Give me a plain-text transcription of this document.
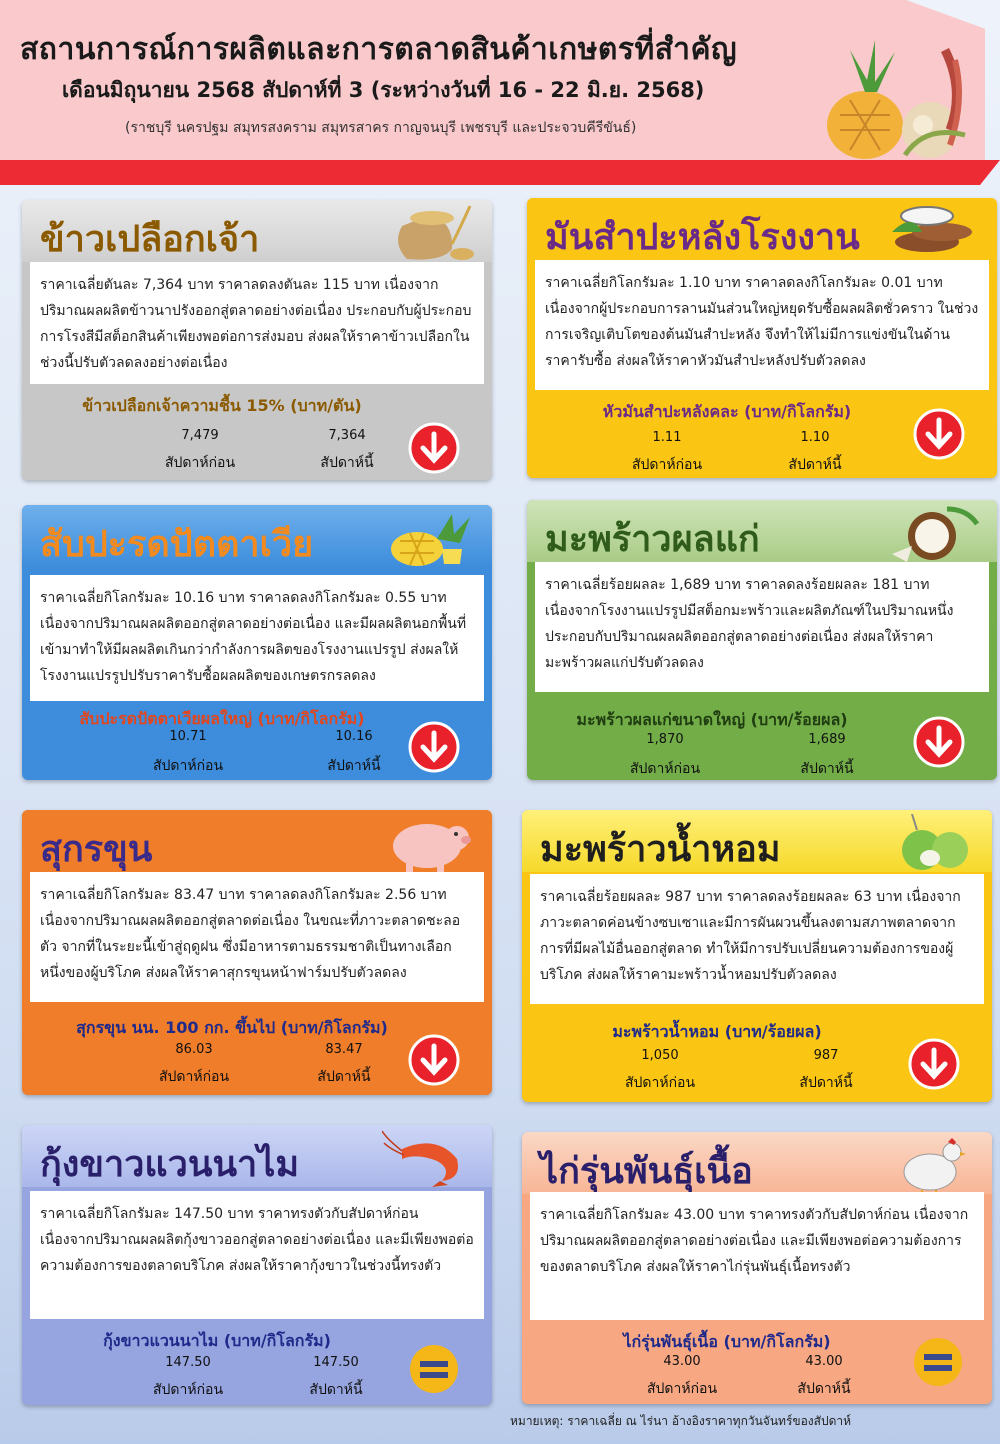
สถานการณ์การผลิตและการตลาดสินค้าเกษตรที่สำคัญ
เดือนมิถุนายน 2568 สัปดาห์ที่ 3 (ระหว่างวันที่ 16 - 22 มิ.ย. 2568)
(ราชบุรี นครปฐม สมุทรสงคราม สมุทรสาคร กาญจนบุรี เพชรบุรี และประจวบคีรีขันธ์)
ข้าวเปลือกเจ้า
ราคาเฉลี่ยตันละ 7,364 บาท ราคาลดลงตันละ 115 บาท เนื่องจากปริมาณผลผลิตข้าวนาปรังออกสู่ตลาดอย่างต่อเนื่อง ประกอบกับผู้ประกอบการโรงสีมีสต็อกสินค้าเพียงพอต่อการส่งมอบ ส่งผลให้ราคาข้าวเปลือกในช่วงนี้ปรับตัวลดลงอย่างต่อเนื่อง
ข้าวเปลือกเจ้าความชื้น 15% (บาท/ตัน)
7,479	7,364
สัปดาห์ก่อน	สัปดาห์นี้
มันสำปะหลังโรงงาน
ราคาเฉลี่ยกิโลกรัมละ 1.10 บาท ราคาลดลงกิโลกรัมละ 0.01 บาท เนื่องจากผู้ประกอบการลานมันส่วนใหญ่หยุดรับซื้อผลผลิตชั่วคราว ในช่วงการเจริญเติบโตของต้นมันสำปะหลัง จึงทำให้ไม่มีการแข่งขันในด้านราคารับซื้อ ส่งผลให้ราคาหัวมันสำปะหลังปรับตัวลดลง
หัวมันสำปะหลังคละ (บาท/กิโลกรัม)
1.11	1.10
สัปดาห์ก่อน	สัปดาห์นี้
สับปะรดปัตตาเวีย
ราคาเฉลี่ยกิโลกรัมละ 10.16 บาท ราคาลดลงกิโลกรัมละ 0.55 บาท เนื่องจากปริมาณผลผลิตออกสู่ตลาดอย่างต่อเนื่อง และมีผลผลิตนอกพื้นที่เข้ามาทำให้มีผลผลิตเกินกว่ากำลังการผลิตของโรงงานแปรรูป ส่งผลให้โรงงานแปรรูปปรับราคารับซื้อผลผลิตของเกษตรกรลดลง
สับปะรดปัตตาเวียผลใหญ่ (บาท/กิโลกรัม)
10.71	10.16
สัปดาห์ก่อน	สัปดาห์นี้
มะพร้าวผลแก่
ราคาเฉลี่ยร้อยผลละ 1,689 บาท ราคาลดลงร้อยผลละ 181 บาท เนื่องจากโรงงานแปรรูปมีสต็อกมะพร้าวและผลิตภัณฑ์ในปริมาณหนึ่ง ประกอบกับปริมาณผลผลิตออกสู่ตลาดอย่างต่อเนื่อง ส่งผลให้ราคามะพร้าวผลแก่ปรับตัวลดลง
มะพร้าวผลแก่ขนาดใหญ่ (บาท/ร้อยผล)
1,870	1,689
สัปดาห์ก่อน	สัปดาห์นี้
สุกรขุน
ราคาเฉลี่ยกิโลกรัมละ 83.47 บาท ราคาลดลงกิโลกรัมละ 2.56 บาท เนื่องจากปริมาณผลผลิตออกสู่ตลาดต่อเนื่อง ในขณะที่ภาวะตลาดชะลอตัว จากที่ในระยะนี้เข้าสู่ฤดูฝน ซึ่งมีอาหารตามธรรมชาติเป็นทางเลือกหนึ่งของผู้บริโภค ส่งผลให้ราคาสุกรขุนหน้าฟาร์มปรับตัวลดลง
สุกรขุน นน. 100 กก. ขึ้นไป (บาท/กิโลกรัม)
86.03	83.47
สัปดาห์ก่อน	สัปดาห์นี้
มะพร้าวน้ำหอม
ราคาเฉลี่ยร้อยผลละ 987 บาท ราคาลดลงร้อยผลละ 63 บาท เนื่องจากภาวะตลาดค่อนข้างซบเซาและมีการผันผวนขึ้นลงตามสภาพตลาดจากการที่มีผลไม้อื่นออกสู่ตลาด ทำให้มีการปรับเปลี่ยนความต้องการของผู้บริโภค ส่งผลให้ราคามะพร้าวน้ำหอมปรับตัวลดลง
มะพร้าวน้ำหอม (บาท/ร้อยผล)
1,050	987
สัปดาห์ก่อน	สัปดาห์นี้
กุ้งขาวแวนนาไม
ราคาเฉลี่ยกิโลกรัมละ 147.50 บาท ราคาทรงตัวกับสัปดาห์ก่อน เนื่องจากปริมาณผลผลิตกุ้งขาวออกสู่ตลาดอย่างต่อเนื่อง และมีเพียงพอต่อความต้องการของตลาดบริโภค ส่งผลให้ราคากุ้งขาวในช่วงนี้ทรงตัว
กุ้งขาวแวนนาไม (บาท/กิโลกรัม)
147.50	147.50
สัปดาห์ก่อน	สัปดาห์นี้
ไก่รุ่นพันธุ์เนื้อ
ราคาเฉลี่ยกิโลกรัมละ 43.00 บาท ราคาทรงตัวกับสัปดาห์ก่อน เนื่องจากปริมาณผลผลิตออกสู่ตลาดอย่างต่อเนื่อง และมีเพียงพอต่อความต้องการของตลาดบริโภค ส่งผลให้ราคาไก่รุ่นพันธุ์เนื้อทรงตัว
ไก่รุ่นพันธุ์เนื้อ (บาท/กิโลกรัม)
43.00	43.00
สัปดาห์ก่อน	สัปดาห์นี้
หมายเหตุ: ราคาเฉลี่ย ณ ไร่นา อ้างอิงราคาทุกวันจันทร์ของสัปดาห์
